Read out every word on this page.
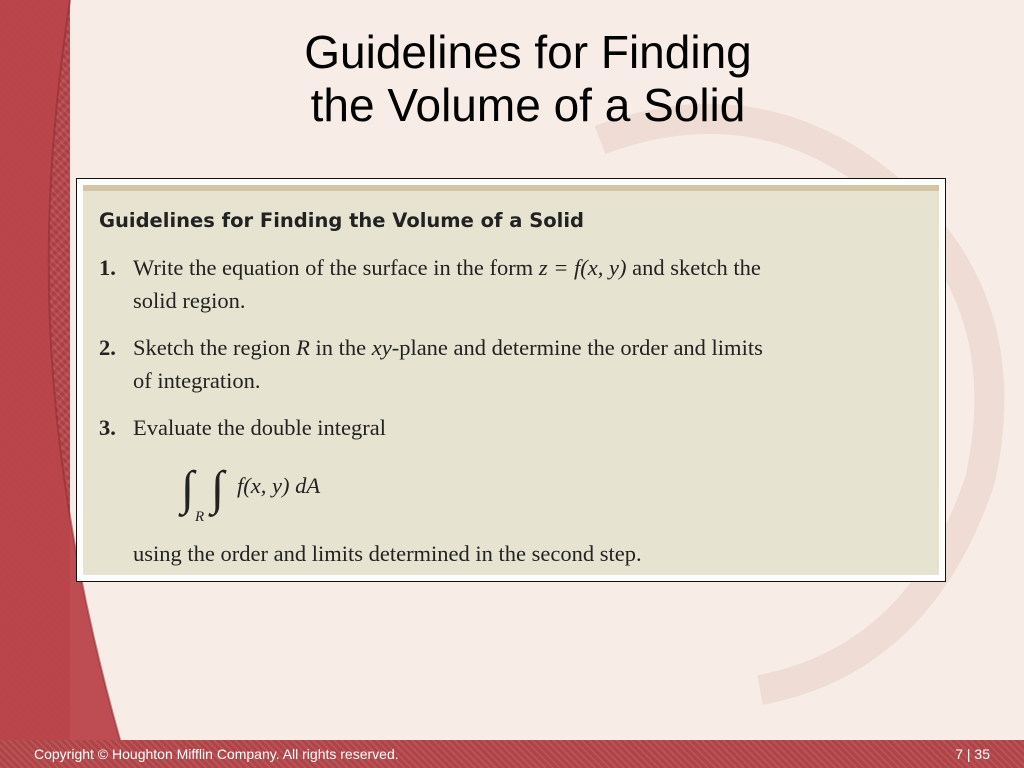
Guidelines for Finding
the Volume of a Solid
Guidelines for Finding the Volume of a Solid
1. Write the equation of the surface in the form z = f(x, y) and sketch the
solid region.
2. Sketch the region R in the xy-plane and determine the order and limits
of integration.
3. Evaluate the double integral
∫
R
∫ f(x, y) dA
using the order and limits determined in the second step.
Copyright © Houghton Mifflin Company. All rights reserved.	7 | 35
